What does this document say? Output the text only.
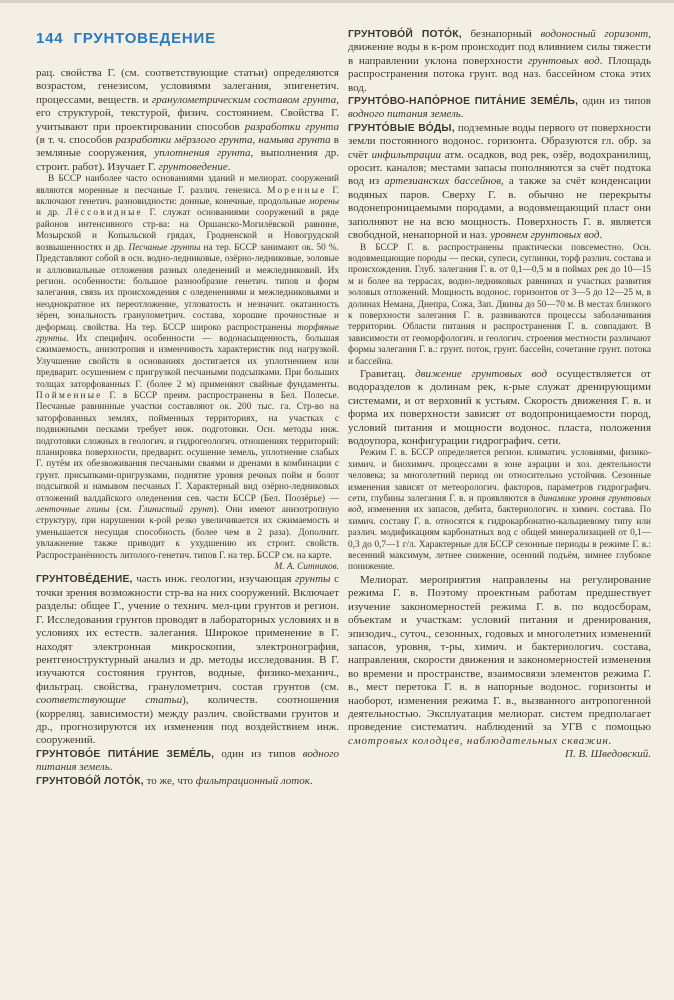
144 ГРУНТОВЕДЕНИЕ

рац. свойства Г. (см. соответствующие статьи) определяются возрастом, генезисом, условиями залегания, эпигенетич. процессами, веществ. и гранулометрическим составом грунта, его структурой, текстурой, физич. состоянием. Свойства Г. учитывают при проектировании способов разработки грунта (в т. ч. способов разработки мёрзлого грунта, намыва грунта в земляные сооружения, уплотнения грунта, выполнения др. строит. работ). Изучает Г. грунтоведение.

В БССР наиболее часто основаниями зданий и мелиорат. сооружений являются моренные и песчаные Г. различ. генезиса. Моренные Г. включают генетич. разновидности: донные, конечные, продольные морены и др. Лёссовидные Г. служат основаниями сооружений в ряде районов интенсивного стр-ва: на Оршанско-Могилёвской равнине, Мозырской и Копыльской грядах, Гродненской и Новогрудской возвышенностях и др. Песчаные грунты на тер. БССР занимают ок. 50 %. Представляют собой в осн. водно-ледниковые, озёрно-ледниковые, эоловые и аллювиальные отложения разных оледенений и межледниковий. Их регион. особенности: большое разнообразие генетич. типов и форм залегания, связь их происхождения с оледенениями и межледниковьями и неоднократное их переотложение, угловатость и незначит. окатанность зёрен, зональность гранулометрич. состава, хорошие прочностные и деформац. свойства. На тер. БССР широко распространены торфяные грунты. Их специфич. особенности — водонасыщенность, большая сжимаемость, анизотропия и изменчивость характеристик под нагрузкой. Улучшение свойств в основаниях достигается их уплотнением или предварит. осушением с пригрузкой песчаными подсыпками. При больших толщах заторфованных Г. (более 2 м) применяют свайные фундаменты. Пойменные Г. в БССР преим. распространены в Бел. Полесье. Песчаные равнинные участки составляют ок. 200 тыс. га. Стр-во на заторфованных землях, пойменных территориях, на участках с подвижными песками требует инж. подготовки. Осн. методы инж. подготовки сложных в геологич. и гидрогеологич. отношениях территорий: планировка поверхности, предварит. осушение земель, уплотнение слабых Г. путём их обезвоживания песчаными сваями и дренами в комбинации с грунт. присыпками-пригрузками, поднятие уровня речных пойм и болот подсыпкой и намывом песчаных Г. Характерный вид озёрно-ледниковых отложений валдайского оледенения сев. части БССР (Бел. Поозёрье) — ленточные глины (см. Глинистый грунт). Они имеют анизотропную структуру, при нарушении к-рой резко увеличивается их сжимаемость и уменьшается несущая способность (более чем в 2 раза). Дополнит. увлажнение также приводит к ухудшению их строит. свойств. Распространённость литолого-генетич. типов Г. на тер. БССР см. на карте.
М. А. Ситников.

ГРУНТОВЕ́ДЕНИЕ, часть инж. геологии, изучающая грунты с точки зрения возможности стр-ва на них сооружений. Включает разделы: общее Г., учение о технич. мел-ции грунтов и регион. Г. Исследования грунтов проводят в лабораторных условиях и в условиях их естеств. залегания. Широкое применение в Г. находят электронная микроскопия, электронография, рентгеноструктурный анализ и др. методы исследования. В Г. изучаются состояния грунтов, водные, физико-механич., фильтрац. свойства, гранулометрич. состав грунтов (см. соответствующие статьи), количеств. соотношения (корреляц. зависимости) между различ. свойствами грунтов и др., прогнозируются их изменения под воздействием инж. сооружений.

ГРУНТОВО́Е ПИТА́НИЕ ЗЕМЕ́ЛЬ, один из типов водного питания земель.

ГРУНТОВО́Й ЛОТО́К, то же, что фильтрационный лоток.

ГРУНТОВО́Й ПОТО́К, безнапорный водоносный горизонт, движение воды в к-ром происходит под влиянием силы тяжести в направлении уклона поверхности грунтовых вод. Площадь распространения потока грунт. вод наз. бассейном стока этих вод.

ГРУНТО́ВО-НАПО́РНОЕ ПИТА́НИЕ ЗЕМЕ́ЛЬ, один из типов водного питания земель.

ГРУНТО́ВЫЕ ВО́ДЫ, подземные воды первого от поверхности земли постоянного водонос. горизонта. Образуются гл. обр. за счёт инфильтрации атм. осадков, вод рек, озёр, водохранилищ, оросит. каналов; местами запасы пополняются за счёт подтока вод из артезианских бассейнов, а также за счёт конденсации водяных паров. Сверху Г. в. обычно не перекрыты водонепроницаемыми породами, а водовмещающий пласт они заполняют не на всю мощность. Поверхность Г. в. является свободной, ненапорной и наз. уровнем грунтовых вод.

В БССР Г. в. распространены практически повсеместно. Осн. водовмещающие породы — пески, супеси, суглинки, торф различ. состава и происхождения. Глуб. залегания Г. в. от 0,1—0,5 м в поймах рек до 10—15 м и более на террасах, водно-ледниковых равнинах и участках развития эоловых отложений. Мощность водонос. горизонтов от 3—5 до 12—25 м, в долинах Немана, Днепра, Сожа, Зап. Двины до 50—70 м. В местах близкого к поверхности залегания Г. в. развиваются процессы заболачивания территории. Области питания и распространения Г. в. совпадают. В зависимости от геоморфологич. и геологич. строения местности различают формы залегания Г. в.: грунт. поток, грунт. бассейн, сочетание грунт. потока и бассейна.

Гравитац. движение грунтовых вод осуществляется от водоразделов к долинам рек, к-рые служат дренирующими системами, и от верховий к устьям. Скорость движения Г. в. и форма их поверхности зависят от водопроницаемости пород, условий питания и мощности водонос. пласта, положения водоупора, конфигурации гидрографич. сети.

Режим Г. в. БССР определяется регион. климатич. условиями, физико-химич. и биохимич. процессами в зоне аэрации и хоз. деятельности человека; за многолетний период он относительно устойчив. Сезонные изменения зависят от метеорологич. факторов, параметров гидрографич. сети, глубины залегания Г. в. и проявляются в динамике уровня грунтовых вод, изменения их запасов, дебита, бактериологич. и химич. состава. По химич. составу Г. в. относятся к гидрокарбонатно-кальциевому типу или различ. модификациям карбонатных вод с общей минерализацией от 0,1—0,3 до 0,7—1 г/л. Характерные для БССР сезонные периоды в режиме Г. в.: весенний максимум, летнее снижение, осенний подъём, зимнее глубокое понижение.

Мелиорат. мероприятия направлены на регулирование режима Г. в. Поэтому проектным работам предшествует изучение закономерностей режима Г. в. по водосборам, объектам и участкам: условий питания и дренирования, эпизодич., суточ., сезонных, годовых и многолетних изменений запасов, уровня, т-ры, химич. и бактериологич. состава, направления, скорости движения и закономерностей изменения во времени и пространстве, взаимосвязи элементов режима Г. в., мест перетока Г. в. в напорные водонос. горизонты и наоборот, изменения режима Г. в., вызванного антропогенной деятельностью. Эксплуатация мелиорат. систем предполагает проведение систематич. наблюдений за УГВ с помощью смотровых колодцев, наблюдательных скважин.
П. В. Шведовский.
